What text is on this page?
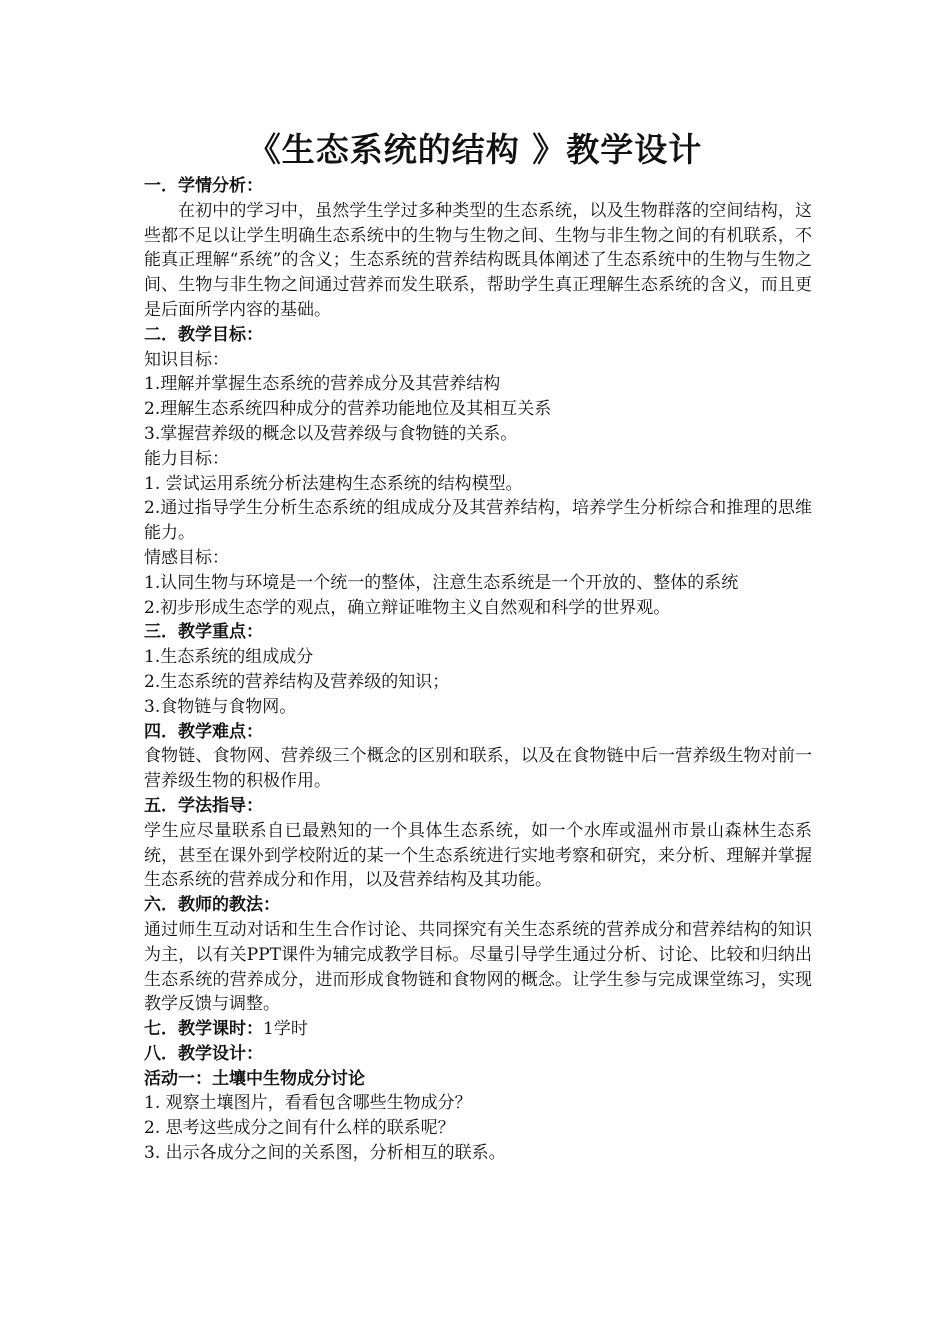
《生态系统的结构 》教学设计

一．学情分析：

在初中的学习中，虽然学生学过多种类型的生态系统，以及生物群落的空间结构，这些都不足以让学生明确生态系统中的生物与生物之间、生物与非生物之间的有机联系，不能真正理解“系统”的含义；生态系统的营养结构既具体阐述了生态系统中的生物与生物之间、生物与非生物之间通过营养而发生联系，帮助学生真正理解生态系统的含义，而且更是后面所学内容的基础。

二．教学目标：

知识目标：

1.理解并掌握生态系统的营养成分及其营养结构

2.理解生态系统四种成分的营养功能地位及其相互关系

3.掌握营养级的概念以及营养级与食物链的关系。

能力目标：

1. 尝试运用系统分析法建构生态系统的结构模型。

2.通过指导学生分析生态系统的组成成分及其营养结构，培养学生分析综合和推理的思维能力。

情感目标：

1.认同生物与环境是一个统一的整体，注意生态系统是一个开放的、整体的系统

2.初步形成生态学的观点，确立辩证唯物主义自然观和科学的世界观。

三．教学重点：

1.生态系统的组成成分

2.生态系统的营养结构及营养级的知识；

3.食物链与食物网。

四．教学难点：

食物链、食物网、营养级三个概念的区别和联系，以及在食物链中后一营养级生物对前一营养级生物的积极作用。

五．学法指导：

学生应尽量联系自已最熟知的一个具体生态系统，如一个水库或温州市景山森林生态系统，甚至在课外到学校附近的某一个生态系统进行实地考察和研究，来分析、理解并掌握生态系统的营养成分和作用，以及营养结构及其功能。

六．教师的教法：

通过师生互动对话和生生合作讨论、共同探究有关生态系统的营养成分和营养结构的知识为主，以有关PPT课件为辅完成教学目标。尽量引导学生通过分析、讨论、比较和归纳出生态系统的营养成分，进而形成食物链和食物网的概念。让学生参与完成课堂练习，实现教学反馈与调整。

七．教学课时：1学时

八．教学设计：

活动一：土壤中生物成分讨论

1. 观察土壤图片，看看包含哪些生物成分？

2. 思考这些成分之间有什么样的联系呢？

3. 出示各成分之间的关系图，分析相互的联系。
